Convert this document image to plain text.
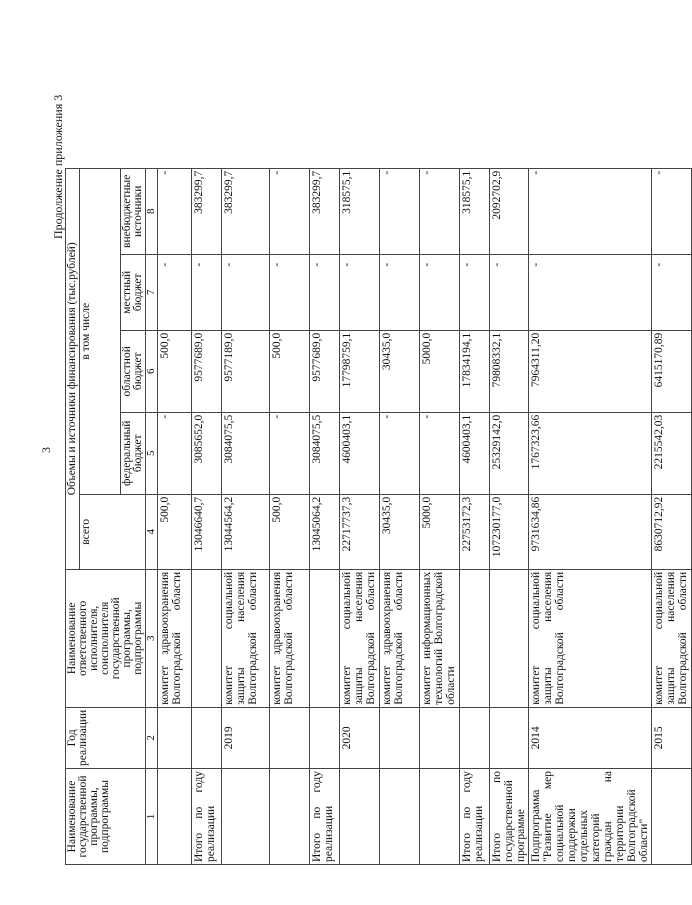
3
Продолжение приложения 3
Наименование государственной программы, подпрограммы	Год реализации	Наименование ответственного исполнителя, соисполнителя государственной программы, подпрограммы	Объемы и источники финансирования (тыс.рублей)				
			всего	в том числе			
				федеральный бюджет	областной бюджет	местный бюджет	внебюджетные источники
1	2	3	4	5	6	7	8
		комитет здравоохранения Волгоградской области	500,0	-	500,0	-	-
Итого по году реализации			13046640,7	3085652,0	9577689,0	-	383299,7
	2019	комитет социальной защиты населения Волгоградской области	13044564,2	3084075,5	9577189,0	-	383299,7
		комитет здравоохранения Волгоградской области	500,0	-	500,0	-	-
Итого по году реализации			13045064,2	3084075,5	9577689,0	-	383299,7
	2020	комитет социальной защиты населения Волгоградской области	22717737,3	4600403,1	17798759,1	-	318575,1
		комитет здравоохранения Волгоградской области	30435,0	-	30435,0	-	-
		комитет информационных технологий Волгоградской области	5000,0	-	5000,0	-	-
Итого по году реализации			22753172,3	4600403,1	17834194,1	-	318575,1
Итого по государственной программе			107230177,0	25329142,0	79808332,1	-	2092702,9
Подпрограмма "Развитие мер социальной поддержки отдельных категорий граждан на территории Волгоградской области"	2014	комитет социальной защиты населения Волгоградской области	9731634,86	1767323,66	7964311,20	-	-
	2015	комитет социальной защиты населения Волгоградской области	8630712,92	2215542,03	6415170,89	-	-
